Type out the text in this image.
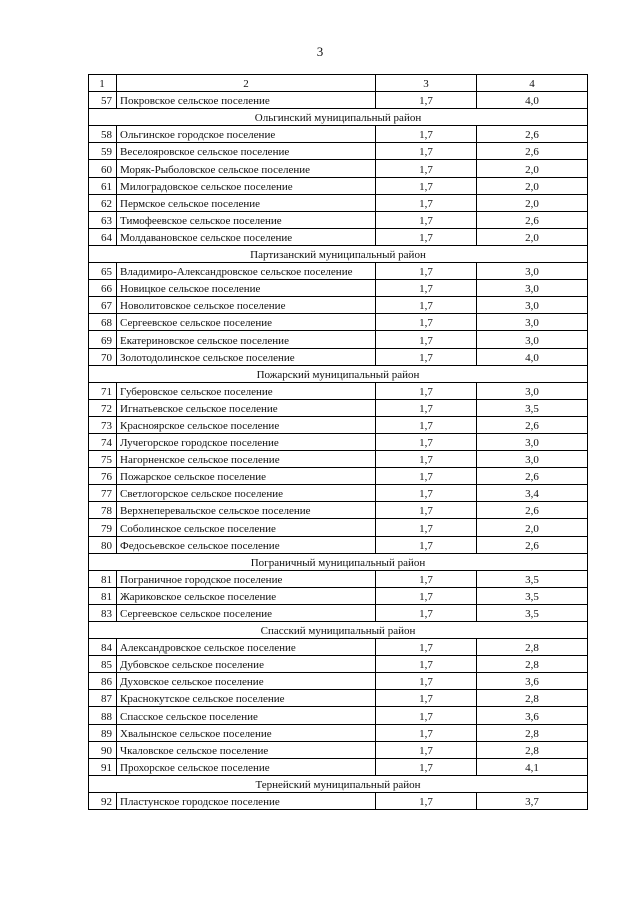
3
1	2	3	4
57	Покровское сельское поселение	1,7	4,0
Ольгинский муниципальный район			
58	Ольгинское городское поселение	1,7	2,6
59	Веселояровское сельское поселение	1,7	2,6
60	Моряк-Рыболовское сельское поселение	1,7	2,0
61	Милоградовское сельское поселение	1,7	2,0
62	Пермское сельское поселение	1,7	2,0
63	Тимофеевское сельское поселение	1,7	2,6
64	Молдавановское сельское поселение	1,7	2,0
Партизанский муниципальный район			
65	Владимиро-Александровское сельское поселение	1,7	3,0
66	Новицкое сельское поселение	1,7	3,0
67	Новолитовское сельское поселение	1,7	3,0
68	Сергеевское сельское поселение	1,7	3,0
69	Екатериновское сельское поселение	1,7	3,0
70	Золотодолинское сельское поселение	1,7	4,0
Пожарский муниципальный район			
71	Губеровское сельское поселение	1,7	3,0
72	Игнатьевское сельское поселение	1,7	3,5
73	Красноярское сельское поселение	1,7	2,6
74	Лучегорское городское поселение	1,7	3,0
75	Нагорненское сельское поселение	1,7	3,0
76	Пожарское сельское поселение	1,7	2,6
77	Светлогорское сельское поселение	1,7	3,4
78	Верхнеперевальское сельское поселение	1,7	2,6
79	Соболинское сельское поселение	1,7	2,0
80	Федосьевское сельское поселение	1,7	2,6
Пограничный муниципальный район			
81	Пограничное городское поселение	1,7	3,5
81	Жариковское сельское поселение	1,7	3,5
83	Сергеевское сельское поселение	1,7	3,5
Спасский муниципальный район			
84	Александровское сельское поселение	1,7	2,8
85	Дубовское сельское поселение	1,7	2,8
86	Духовское сельское поселение	1,7	3,6
87	Краснокутское сельское поселение	1,7	2,8
88	Спасское сельское поселение	1,7	3,6
89	Хвалынское сельское поселение	1,7	2,8
90	Чкаловское сельское поселение	1,7	2,8
91	Прохорское сельское поселение	1,7	4,1
Тернейский муниципальный район			
92	Пластунское городское поселение	1,7	3,7
